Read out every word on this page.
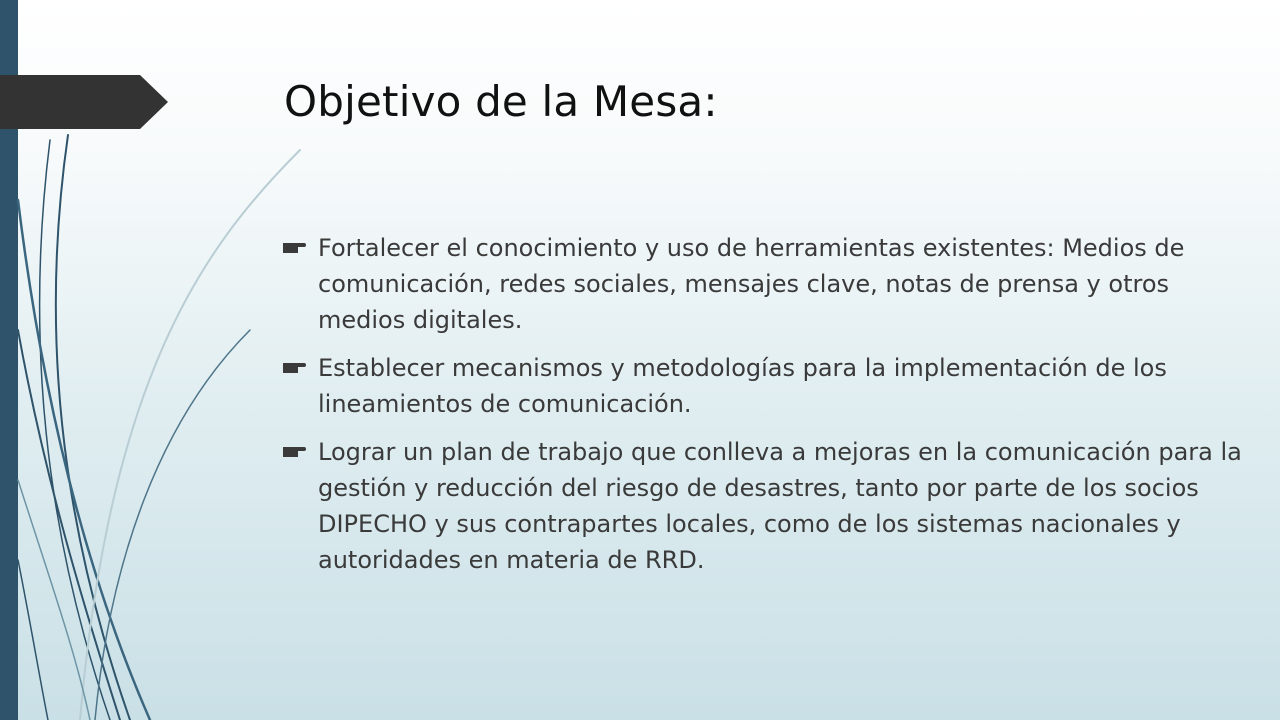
Objetivo de la Mesa:
Fortalecer el conocimiento y uso de herramientas existentes: Medios de comunicación, redes sociales, mensajes clave, notas de prensa y otros medios digitales.
Establecer mecanismos y metodologías para la implementación de los lineamientos de comunicación.
Lograr un plan de trabajo que conlleva a mejoras en la comunicación para la gestión y reducción del riesgo de desastres, tanto por parte de los socios DIPECHO y sus contrapartes locales, como de los sistemas nacionales y autoridades en materia de RRD.
